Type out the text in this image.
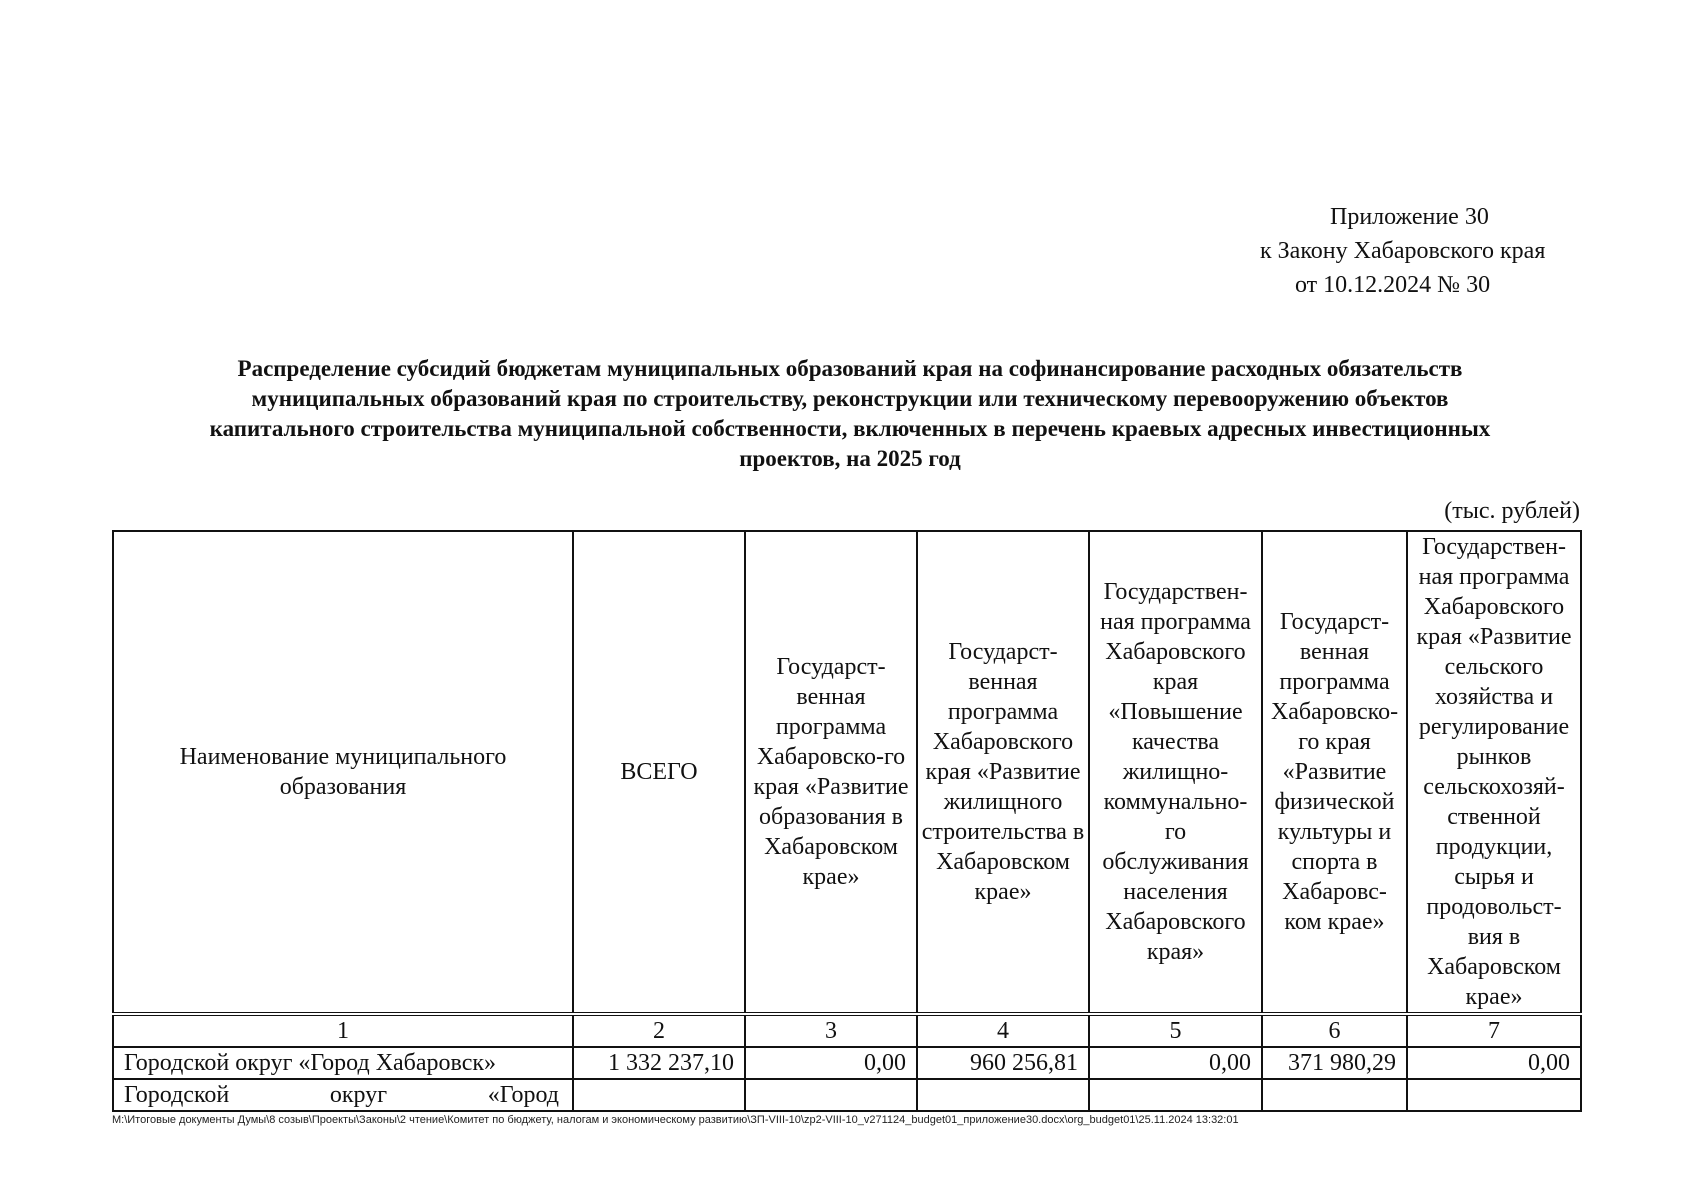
Приложение 30
к Закону Хабаровского края
от 10.12.2024 № 30
Распределение субсидий бюджетам муниципальных образований края на софинансирование расходных обязательств
муниципальных образований края по строительству, реконструкции или техническому перевооружению объектов
капитального строительства муниципальной собственности, включенных в перечень краевых адресных инвестиционных
проектов, на 2025 год
(тыс. рублей)
Наименование муниципального образования	ВСЕГО	Государст-венная программа Хабаровско-го края «Развитие образования в Хабаровском крае»	Государст-венная программа Хабаровского края «Развитие жилищного строительства в Хабаровском крае»	Государствен-ная программа Хабаровского края «Повышение качества жилищно-коммунально-го обслуживания населения Хабаровского края»	Государст-венная программа Хабаровско-го края «Развитие физической культуры и спорта в Хабаровс-ком крае»	Государствен-ная программа Хабаровского края «Развитие сельского хозяйства и регулирование рынков сельскохозяй-ственной продукции, сырья и продовольст-вия в Хабаровском крае»
1	2	3	4	5	6	7
Городской округ «Город Хабаровск»	1 332 237,10	0,00	960 256,81	0,00	371 980,29	0,00

Городской округ «Город						

M:\Итоговые документы Думы\8 созыв\Проекты\Законы\2 чтение\Комитет по бюджету, налогам и экономическому развитию\ЗП-VIII-10\zp2-VIII-10_v271124_budget01_приложение30.docx\org_budget01\25.11.2024 13:32:01
